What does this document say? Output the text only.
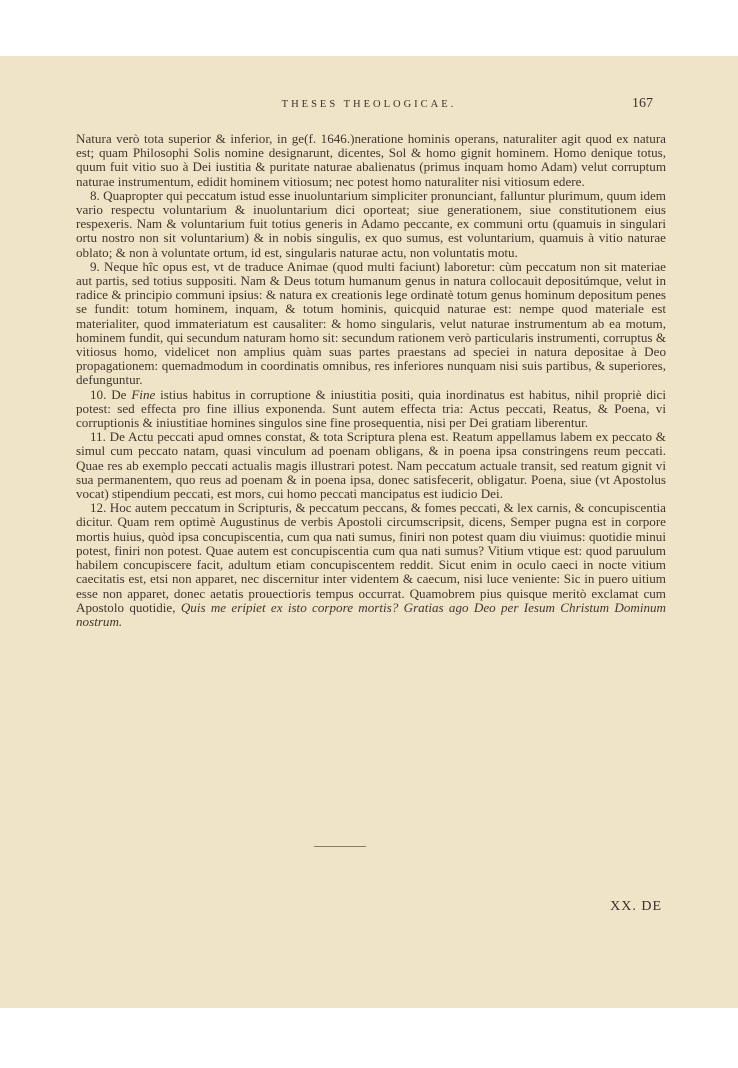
THESES THEOLOGICAE.	167

Natura verò tota superior & inferior, in ge(f. 1646.)neratione hominis operans, naturaliter agit quod ex natura est; quam Philosophi Solis nomine designarunt, dicentes, Sol & homo gignit hominem. Homo denique totus, quum fuit vitio suo à Dei iustitia & puritate naturae abalienatus (primus inquam homo Adam) velut corruptum naturae instrumentum, edidit hominem vitiosum; nec potest homo naturaliter nisi vitiosum edere.

8. Quapropter qui peccatum istud esse inuoluntarium simpliciter pronunciant, falluntur plurimum, quum idem vario respectu voluntarium & inuoluntarium dici oporteat; siue generationem, siue constitutionem eius respexeris. Nam & voluntarium fuit totius generis in Adamo peccante, ex communi ortu (quamuis in singulari ortu nostro non sit voluntarium) & in nobis singulis, ex quo sumus, est voluntarium, quamuis à vitio naturae oblato; & non à voluntate ortum, id est, singularis naturae actu, non voluntatis motu.

9. Neque hîc opus est, vt de traduce Animae (quod multi faciunt) laboretur: cùm peccatum non sit materiae aut partis, sed totius suppositi. Nam & Deus totum humanum genus in natura collocauit depositúmque, velut in radice & principio communi ipsius: & natura ex creationis lege ordinatè totum genus hominum depositum penes se fundit: totum hominem, inquam, & totum hominis, quicquid naturae est: nempe quod materiale est materialiter, quod immateriatum est causaliter: & homo singularis, velut naturae instrumentum ab ea motum, hominem fundit, qui secundum naturam homo sit: secundum rationem verò particularis instrumenti, corruptus & vitiosus homo, videlicet non amplius quàm suas partes praestans ad speciei in natura depositae à Deo propagationem: quemadmodum in coordinatis omnibus, res inferiores nunquam nisi suis partibus, & superiores, defunguntur.

10. De Fine istius habitus in corruptione & iniustitia positi, quia inordinatus est habitus, nihil propriè dici potest: sed effecta pro fine illius exponenda. Sunt autem effecta tria: Actus peccati, Reatus, & Poena, vi corruptionis & iniustitiae homines singulos sine fine prosequentia, nisi per Dei gratiam liberentur.

11. De Actu peccati apud omnes constat, & tota Scriptura plena est. Reatum appellamus labem ex peccato & simul cum peccato natam, quasi vinculum ad poenam obligans, & in poena ipsa constringens reum peccati. Quae res ab exemplo peccati actualis magis illustrari potest. Nam peccatum actuale transit, sed reatum gignit vi sua permanentem, quo reus ad poenam & in poena ipsa, donec satisfecerit, obligatur. Poena, siue (vt Apostolus vocat) stipendium peccati, est mors, cui homo peccati mancipatus est iudicio Dei.

12. Hoc autem peccatum in Scripturis, & peccatum peccans, & fomes peccati, & lex carnis, & concupiscentia dicitur. Quam rem optimè Augustinus de verbis Apostoli circumscripsit, dicens, Semper pugna est in corpore mortis huius, quòd ipsa concupiscentia, cum qua nati sumus, finiri non potest quam diu viuimus: quotidie minui potest, finiri non potest. Quae autem est concupiscentia cum qua nati sumus? Vitium vtique est: quod paruulum habilem concupiscere facit, adultum etiam concupiscentem reddit. Sicut enim in oculo caeci in nocte vitium caecitatis est, etsi non apparet, nec discernitur inter videntem & caecum, nisi luce veniente: Sic in puero uitium esse non apparet, donec aetatis prouectioris tempus occurrat. Quamobrem pius quisque meritò exclamat cum Apostolo quotidie, Quis me eripiet ex isto corpore mortis? Gratias ago Deo per Iesum Christum Dominum nostrum.

XX. DE
